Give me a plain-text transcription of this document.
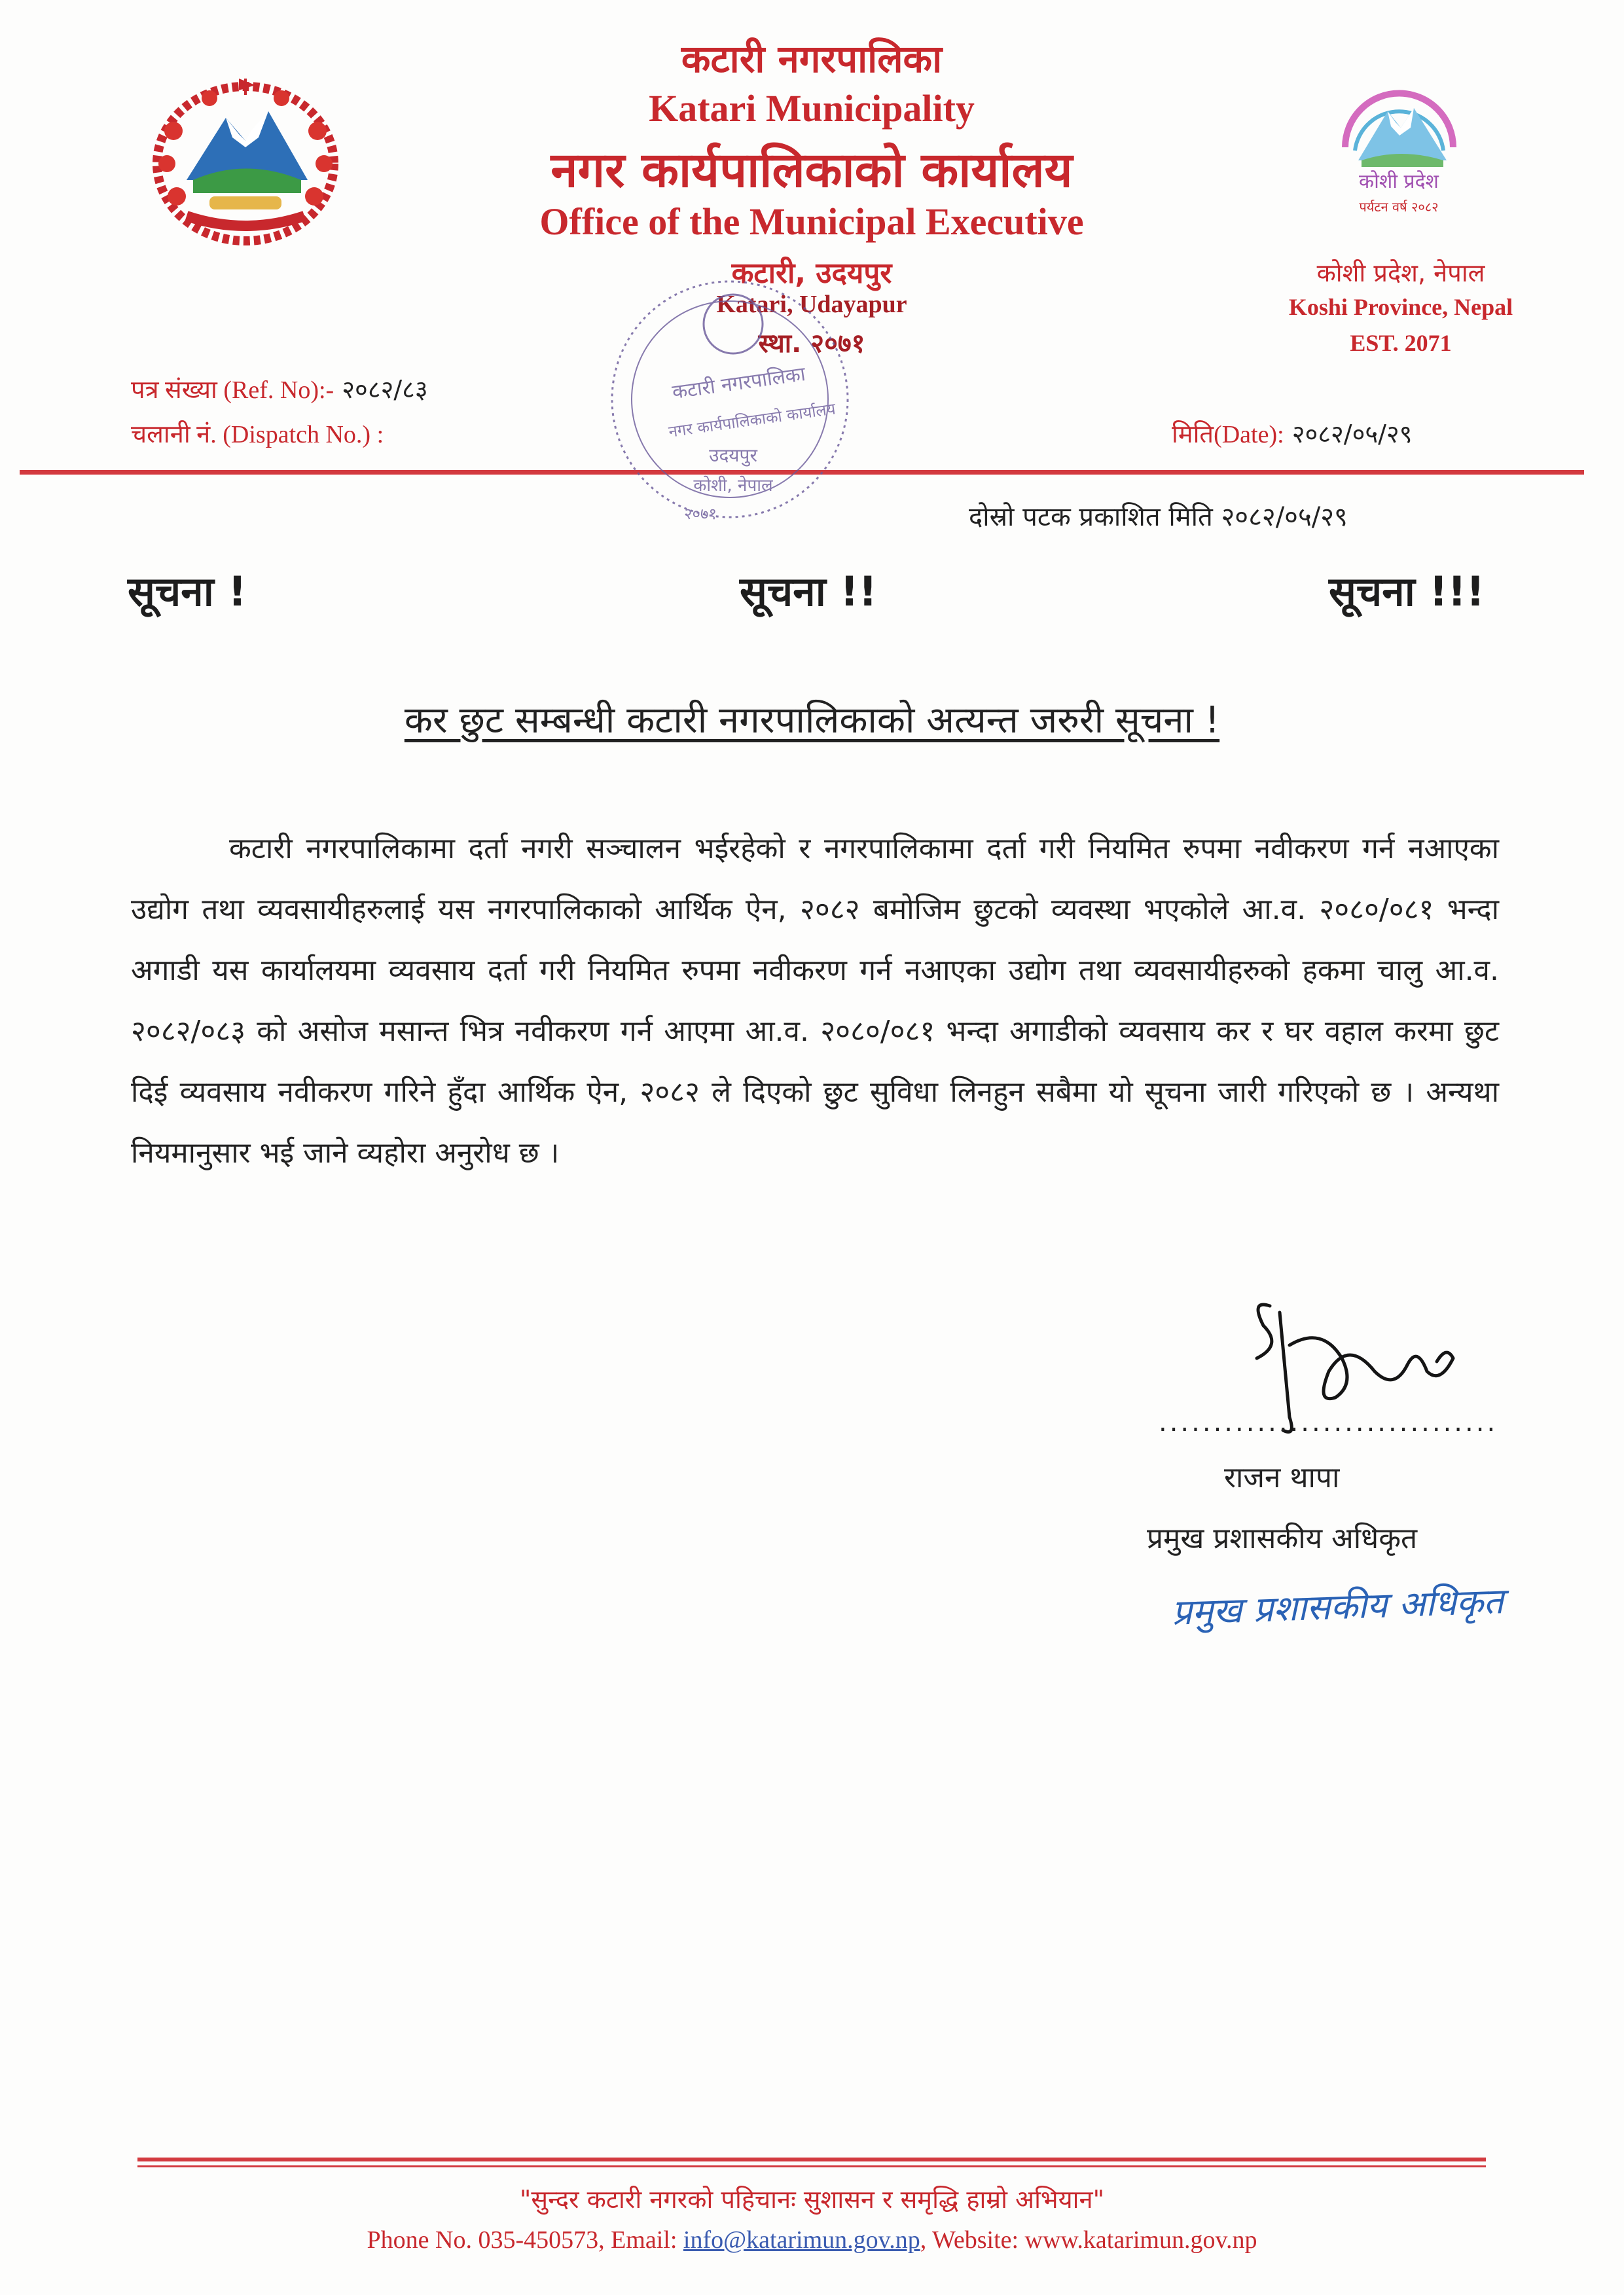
कोशी प्रदेश
पर्यटन वर्ष २०८२
कटारी नगरपालिका
Katari Municipality
नगर कार्यपालिकाको कार्यालय
Office of the Municipal Executive
कटारी, उदयपुर
Katari, Udayapur
स्था. २०७१
कोशी प्रदेश, नेपाल
Koshi Province, Nepal
EST. 2071
पत्र संख्या (Ref. No):- २०८२/८३
चलानी नं. (Dispatch No.) :	मिति(Date): २०८२/०५/२९
कटारी नगरपालिका
नगर कार्यपालिकाको कार्यालय
उदयपुर
कोशी, नेपाल
२०७१	दोस्रो पटक प्रकाशित मिति २०८२/०५/२९
सूचना !	सूचना !!	सूचना !!!
कर छुट सम्बन्धी कटारी नगरपालिकाको अत्यन्त जरुरी सूचना !
कटारी नगरपालिकामा दर्ता नगरी सञ्चालन भईरहेको र नगरपालिकामा दर्ता गरी नियमित रुपमा नवीकरण गर्न नआएका उद्योग तथा व्यवसायीहरुलाई यस नगरपालिकाको आर्थिक ऐन, २०८२ बमोजिम छुटको व्यवस्था भएकोले आ.व. २०८०/०८१ भन्दा अगाडी यस कार्यालयमा व्यवसाय दर्ता गरी नियमित रुपमा नवीकरण गर्न नआएका उद्योग तथा व्यवसायीहरुको हकमा चालु आ.व. २०८२/०८३ को असोज मसान्त भित्र नवीकरण गर्न आएमा आ.व. २०८०/०८१ भन्दा अगाडीको व्यवसाय कर र घर वहाल करमा छुट दिई व्यवसाय नवीकरण गरिने हुँदा आर्थिक ऐन, २०८२ ले दिएको छुट सुविधा लिनहुन सबैमा यो सूचना जारी गरिएको छ । अन्यथा नियमानुसार भई जाने व्यहोरा अनुरोध छ ।
...............................
राजन थापा
प्रमुख प्रशासकीय अधिकृत
प्रमुख प्रशासकीय अधिकृत
"सुन्दर कटारी नगरको पहिचानः सुशासन र समृद्धि हाम्रो अभियान"
Phone No. 035-450573, Email: info@katarimun.gov.np, Website: www.katarimun.gov.np
